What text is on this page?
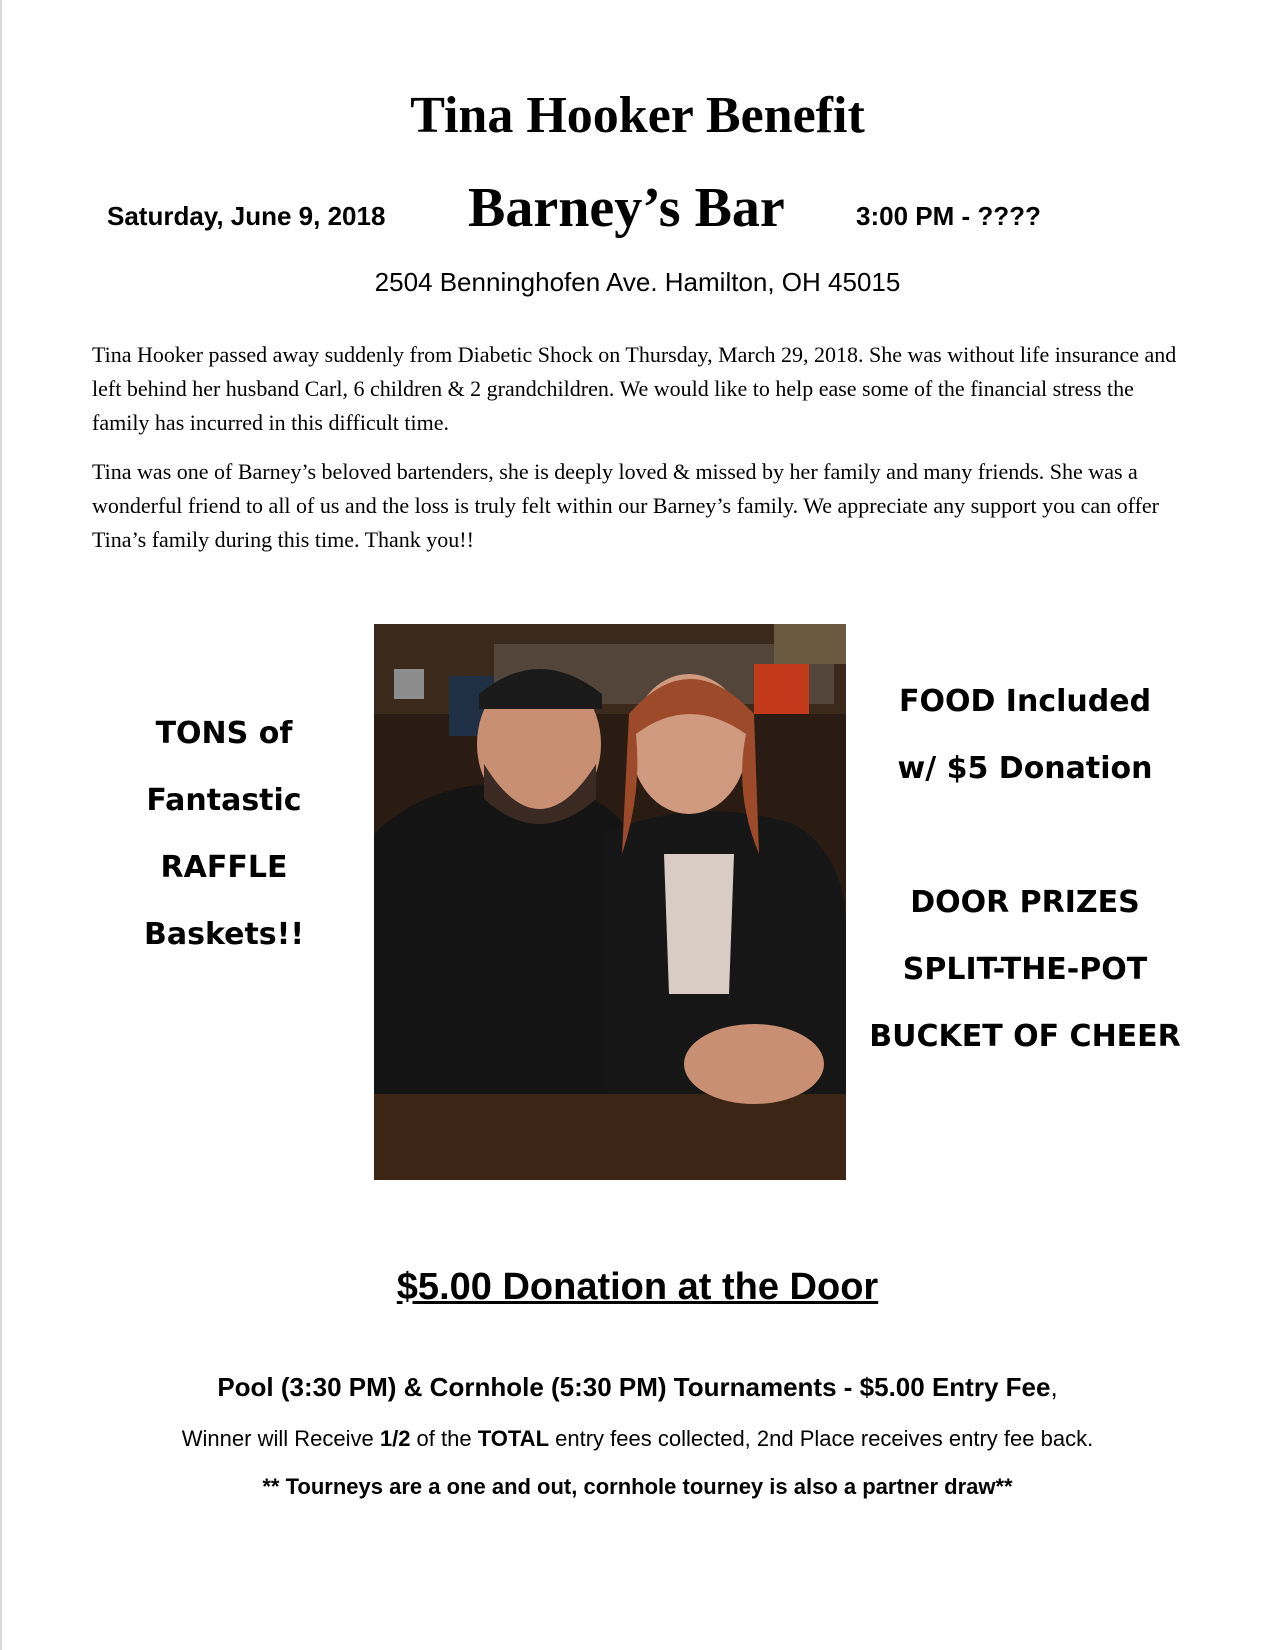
Tina Hooker Benefit
Saturday, June 9, 2018 Barney’s Bar	3:00 PM - ????
2504 Benninghofen Ave. Hamilton, OH 45015

Tina Hooker passed away suddenly from Diabetic Shock on Thursday, March 29, 2018. She was without life insurance and left behind her husband Carl, 6 children & 2 grandchildren. We would like to help ease some of the financial stress the family has incurred in this difficult time.

Tina was one of Barney’s beloved bartenders, she is deeply loved & missed by her family and many friends. She was a wonderful friend to all of us and the loss is truly felt within our Barney’s family. We appreciate any support you can offer Tina’s family during this time. Thank you!!

TONS of
Fantastic
RAFFLE
Baskets!!
FOOD Included
w/ $5 Donation
DOOR PRIZES
SPLIT-THE-POT
BUCKET OF CHEER
$5.00 Donation at the Door
Pool (3:30 PM) & Cornhole (5:30 PM) Tournaments - $5.00 Entry Fee,
Winner will Receive 1/2 of the TOTAL entry fees collected, 2nd Place receives entry fee back.
** Tourneys are a one and out, cornhole tourney is also a partner draw**
